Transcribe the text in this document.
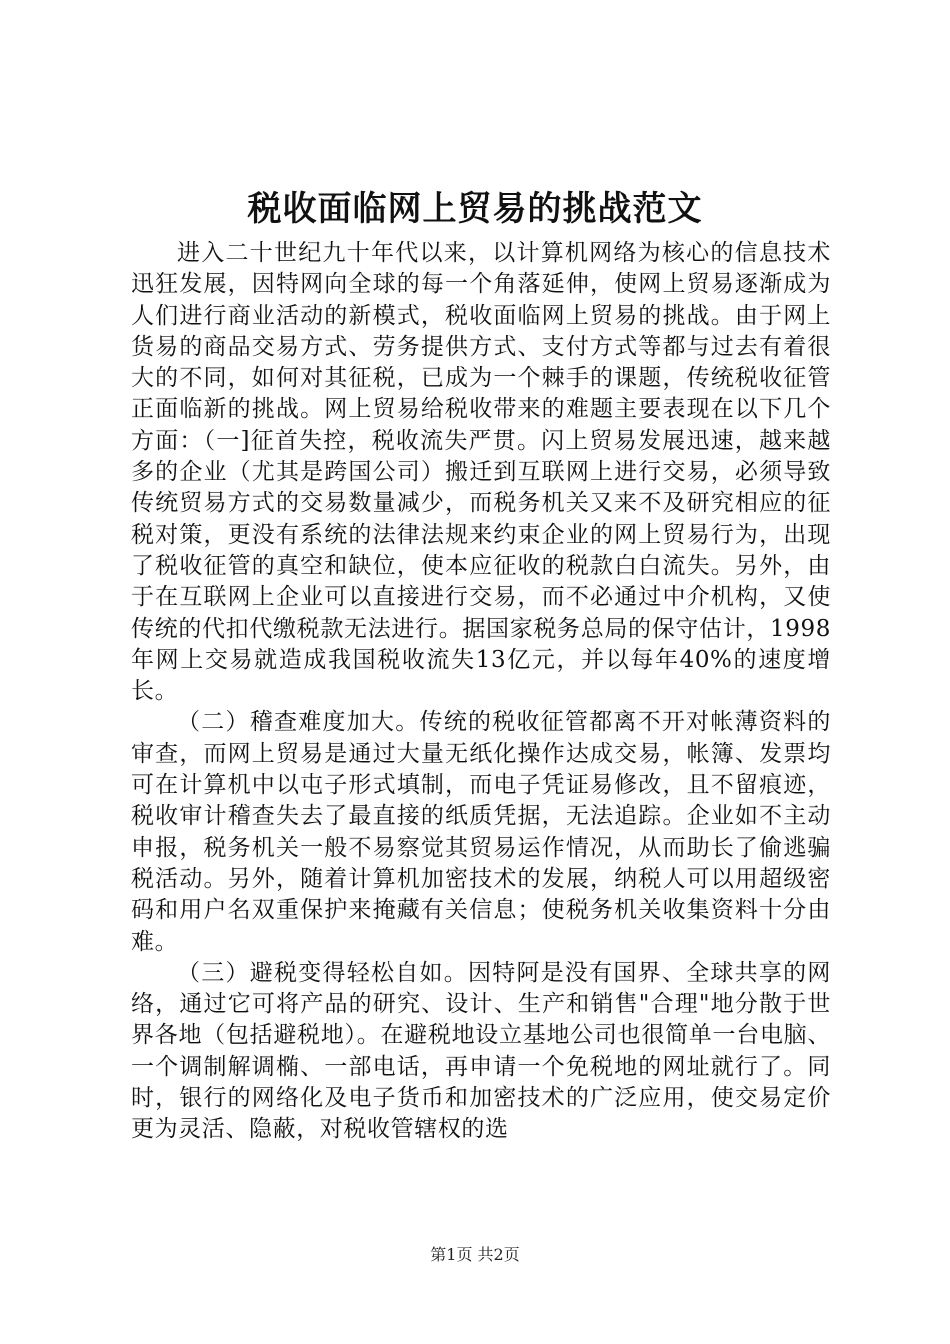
税收面临网上贸易的挑战范文

进入二十世纪九十年代以来，以计算机网络为核心的信息技术迅狂发展，因特网向全球的每一个角落延伸，使网上贸易逐渐成为人们进行商业活动的新模式，税收面临网上贸易的挑战。由于网上货易的商品交易方式、劳务提供方式、支付方式等都与过去有着很大的不同，如何对其征税，已成为一个棘手的课题，传统税收征管正面临新的挑战。网上贸易给税收带来的难题主要表现在以下几个方面：（一]征首失控，税收流失严贯。闪上贸易发展迅速，越来越多的企业（尤其是跨国公司）搬迁到互联网上进行交易，必须导致传统贸易方式的交易数量减少，而税务机关又来不及研究相应的征税对策，更没有系统的法律法规来约束企业的网上贸易行为，出现了税收征管的真空和缺位，使本应征收的税款白白流失。另外，由于在互联网上企业可以直接进行交易，而不必通过中介机构，又使传统的代扣代缴税款无法进行。据国家税务总局的保守估计，1998年网上交易就造成我国税收流失13亿元，并以每年40%的速度增长。

（二）稽查难度加大。传统的税收征管都离不开对帐薄资料的审查，而网上贸易是通过大量无纸化操作达成交易，帐簿、发票均可在计算机中以屯子形式填制，而电子凭证易修改，且不留痕迹，税收审计稽查失去了最直接的纸质凭据，无法追踪。企业如不主动申报，税务机关一般不易察觉其贸易运作情况，从而助长了偷逃骗税活动。另外，随着计算机加密技术的发展，纳税人可以用超级密码和用户名双重保护来掩藏有关信息；使税务机关收集资料十分由难。

（三）避税变得轻松自如。因特阿是没有国界、全球共享的网络，通过它可将产品的研究、设计、生产和销售"合理"地分散于世界各地（包括避税地）。在避税地设立基地公司也很简单一台电脑、一个调制解调椭、一部电话，再申请一个免税地的网址就行了。同时，银行的网络化及电子货币和加密技术的广泛应用，使交易定价更为灵活、隐蔽，对税收管辖权的选

第1页 共2页
